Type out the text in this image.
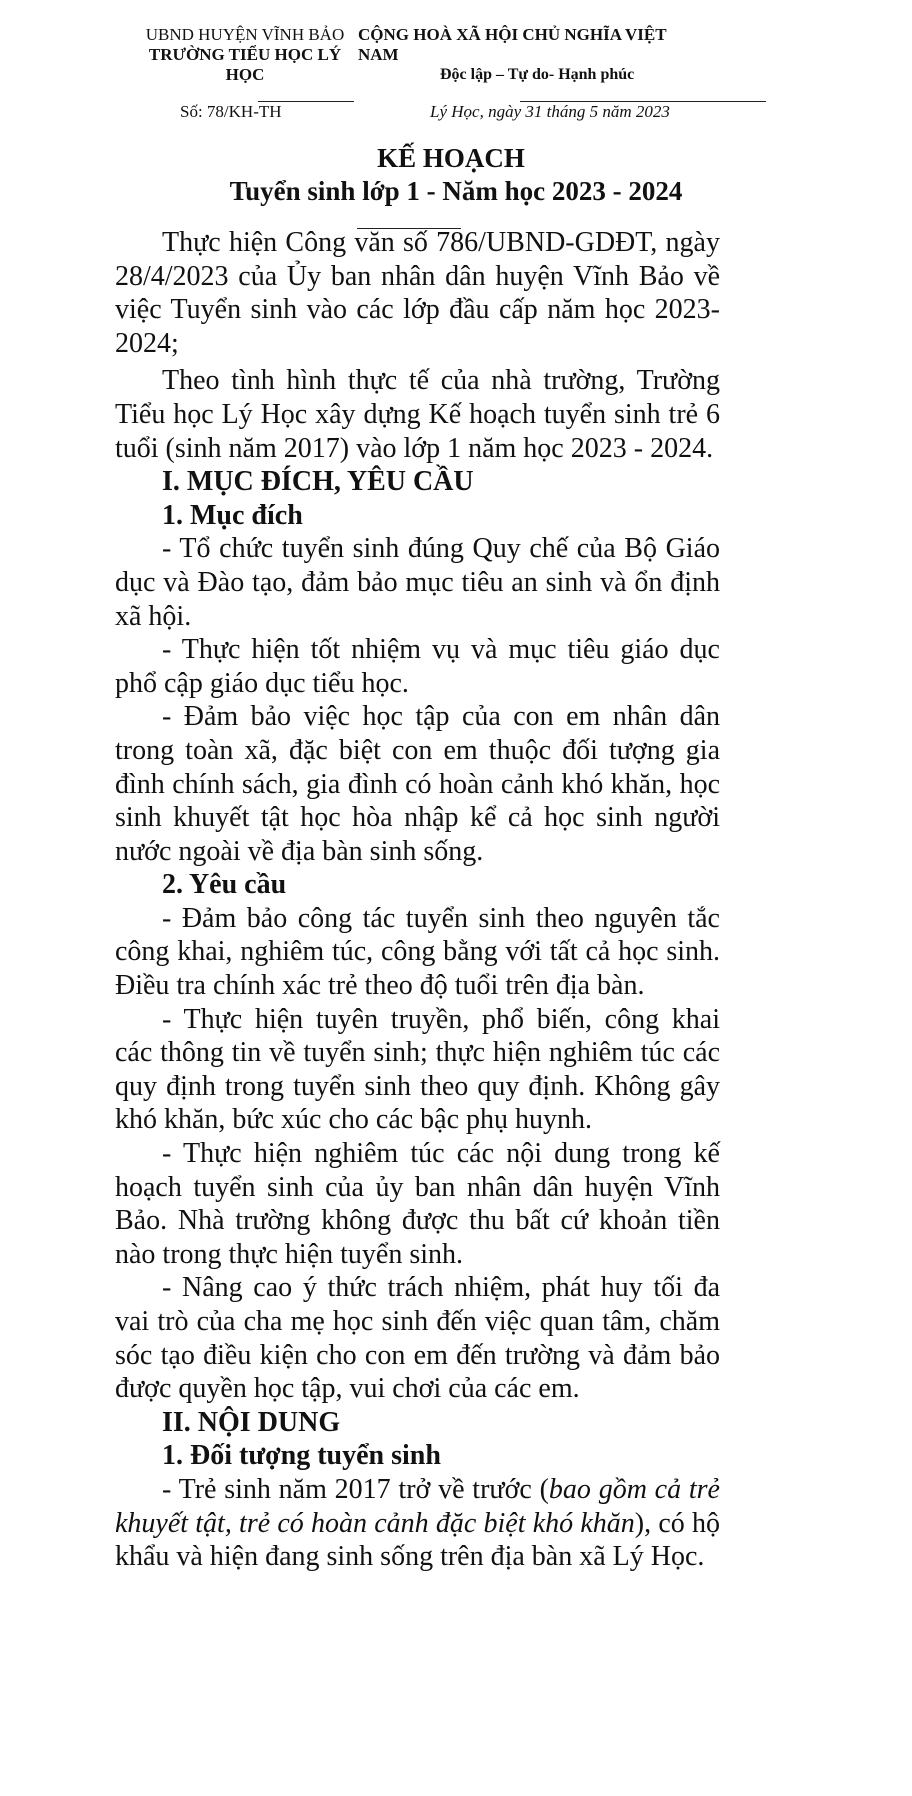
UBND HUYỆN VĨNH BẢO
TRƯỜNG TIỂU HỌC LÝ
HỌC
CỘNG HOÀ XÃ HỘI CHỦ NGHĨA VIỆT
NAM
Độc lập – Tự do- Hạnh phúc
Số: 78/KH-TH	Lý Học, ngày 31 tháng 5 năm 2023
KẾ HOẠCH
Tuyển sinh lớp 1 - Năm học 2023 - 2024
Thực hiện Công văn số 786/UBND-GDĐT, ngày
28/4/2023 của Ủy ban nhân dân huyện Vĩnh Bảo về
việc Tuyển sinh vào các lớp đầu cấp năm học 2023-
2024;
Theo tình hình thực tế của nhà trường, Trường
Tiểu học Lý Học xây dựng Kế hoạch tuyển sinh trẻ 6
tuổi (sinh năm 2017) vào lớp 1 năm học 2023 - 2024.
I. MỤC ĐÍCH, YÊU CẦU
1. Mục đích
- Tổ chức tuyển sinh đúng Quy chế của Bộ Giáo
dục và Đào tạo, đảm bảo mục tiêu an sinh và ổn định
xã hội.
- Thực hiện tốt nhiệm vụ và mục tiêu giáo dục
phổ cập giáo dục tiểu học.
- Đảm bảo việc học tập của con em nhân dân
trong toàn xã, đặc biệt con em thuộc đối tượng gia
đình chính sách, gia đình có hoàn cảnh khó khăn, học
sinh khuyết tật học hòa nhập kể cả học sinh người
nước ngoài về địa bàn sinh sống.
2. Yêu cầu
- Đảm bảo công tác tuyển sinh theo nguyên tắc
công khai, nghiêm túc, công bằng với tất cả học sinh.
Điều tra chính xác trẻ theo độ tuổi trên địa bàn.
- Thực hiện tuyên truyền, phổ biến, công khai
các thông tin về tuyển sinh; thực hiện nghiêm túc các
quy định trong tuyển sinh theo quy định. Không gây
khó khăn, bức xúc cho các bậc phụ huynh.
- Thực hiện nghiêm túc các nội dung trong kế
hoạch tuyển sinh của ủy ban nhân dân huyện Vĩnh
Bảo. Nhà trường không được thu bất cứ khoản tiền
nào trong thực hiện tuyển sinh.
- Nâng cao ý thức trách nhiệm, phát huy tối đa
vai trò của cha mẹ học sinh đến việc quan tâm, chăm
sóc tạo điều kiện cho con em đến trường và đảm bảo
được quyền học tập, vui chơi của các em.
II. NỘI DUNG
1. Đối tượng tuyển sinh
- Trẻ sinh năm 2017 trở về trước (bao gồm cả trẻ
khuyết tật, trẻ có hoàn cảnh đặc biệt khó khăn), có hộ
khẩu và hiện đang sinh sống trên địa bàn xã Lý Học.
